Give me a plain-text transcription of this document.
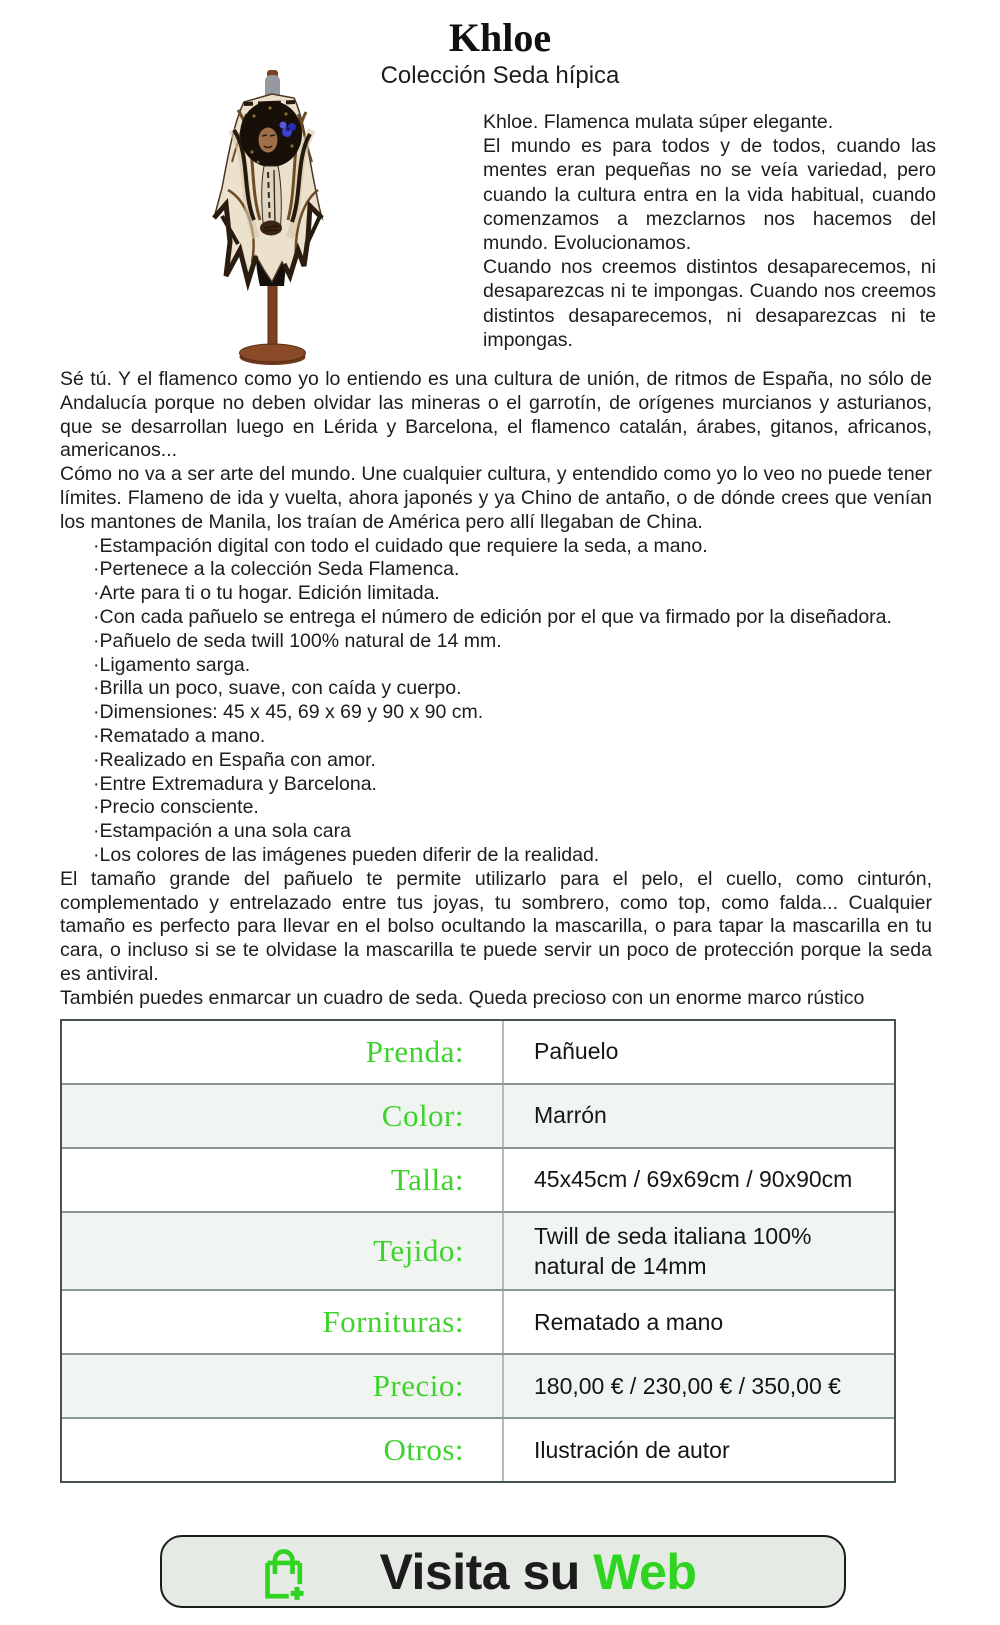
Khloe
Colección Seda hípica

Khloe. Flamenca mulata súper elegante.

El mundo es para todos y de todos, cuando las mentes eran pequeñas no se veía variedad, pero cuando la cultura entra en la vida habitual, cuando comenzamos a mezclarnos nos hacemos del mundo. Evolucionamos.

Cuando nos creemos distintos desaparecemos, ni desaparezcas ni te impongas. Cuando nos creemos distintos desaparecemos, ni desaparezcas ni te impongas.

Sé tú. Y el flamenco como yo lo entiendo es una cultura de unión, de ritmos de España, no sólo de Andalucía porque no deben olvidar las mineras o el garrotín, de orígenes murcianos y asturianos, que se desarrollan luego en Lérida y Barcelona, el flamenco catalán, árabes, gitanos, africanos, americanos...

Cómo no va a ser arte del mundo. Une cualquier cultura, y entendido como yo lo veo no puede tener límites. Flameno de ida y vuelta, ahora japonés y ya Chino de antaño, o de dónde crees que venían los mantones de Manila, los traían de América pero allí llegaban de China.

· Estampación digital con todo el cuidado que requiere la seda, a mano.
· Pertenece a la colección Seda Flamenca.
· Arte para ti o tu hogar. Edición limitada.
· Con cada pañuelo se entrega el número de edición por el que va firmado por la diseñadora.
· Pañuelo de seda twill 100% natural de 14 mm.
· Ligamento sarga.
· Brilla un poco, suave, con caída y cuerpo.
· Dimensiones: 45 x 45, 69 x 69 y 90 x 90 cm.
· Rematado a mano.
· Realizado en España con amor.
· Entre Extremadura y Barcelona.
· Precio consciente.
· Estampación a una sola cara
· Los colores de las imágenes pueden diferir de la realidad.

El tamaño grande del pañuelo te permite utilizarlo para el pelo, el cuello, como cinturón, complementado y entrelazado entre tus joyas, tu sombrero, como top, como falda... Cualquier tamaño es perfecto para llevar en el bolso ocultando la mascarilla, o para tapar la mascarilla en tu cara, o incluso si se te olvidase la mascarilla te puede servir un poco de protección porque la seda es antiviral.

También puedes enmarcar un cuadro de seda. Queda precioso con un enorme marco rústico

Prenda:	Pañuelo
Color:	Marrón
Talla:	45x45cm / 69x69cm / 90x90cm
Tejido:	Twill de seda italiana 100% natural de 14mm
Fornituras:	Rematado a mano
Precio:	180,00 € / 230,00 € / 350,00 €
Otros:	Ilustración de autor
Visita su Web
